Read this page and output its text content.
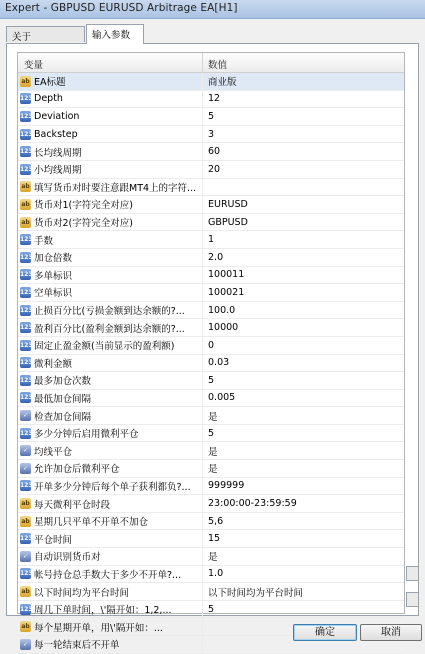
Expert - GBPUSD EURUSD Arbitrage EA[H1]
关于	输入参数
变量	数值
ab EA标题	商业版
123 Depth	12
123 Deviation	5
123 Backstep	3
123 长均线周期	60
123 小均线周期	20
ab 填写货币对时要注意跟MT4上的字符...
ab 货币对1(字符完全对应)	EURUSD
ab 货币对2(字符完全对应)	GBPUSD
123 手数	1
123 加仓倍数	2.0
123 多单标识	100011
123 空单标识	100021
123 止损百分比(亏损金额到达余额的?...	100.0
123 盈利百分比(盈利金额到达余额的?...	10000
123 固定止盈金额(当前显示的盈利额)	0
123 微利金额	0.03
123 最多加仓次数	5
123 最低加仓间隔	0.005
✓ 检查加仓间隔	是
123 多少分钟后启用微利平仓	5
✓ 均线平仓	是
✓ 允许加仓后微利平仓	是
123 开单多少分钟后每个单子获利都负?...	999999
ab 每天微利平仓时段	23:00:00-23:59:59
ab 星期几只平单不开单不加仓	5,6
123 平仓时间	15
✓ 自动识别货币对	是
123 帐号持仓总手数大于多少不开单?...	1.0
ab 以下时间均为平台时间	以下时间均为平台时间
123 周几下单时间，\'隔开如：1,2,...	5
ab 每个星期开单，用\'隔开如：...
✓ 每一轮结束后不开单
确定	取消
